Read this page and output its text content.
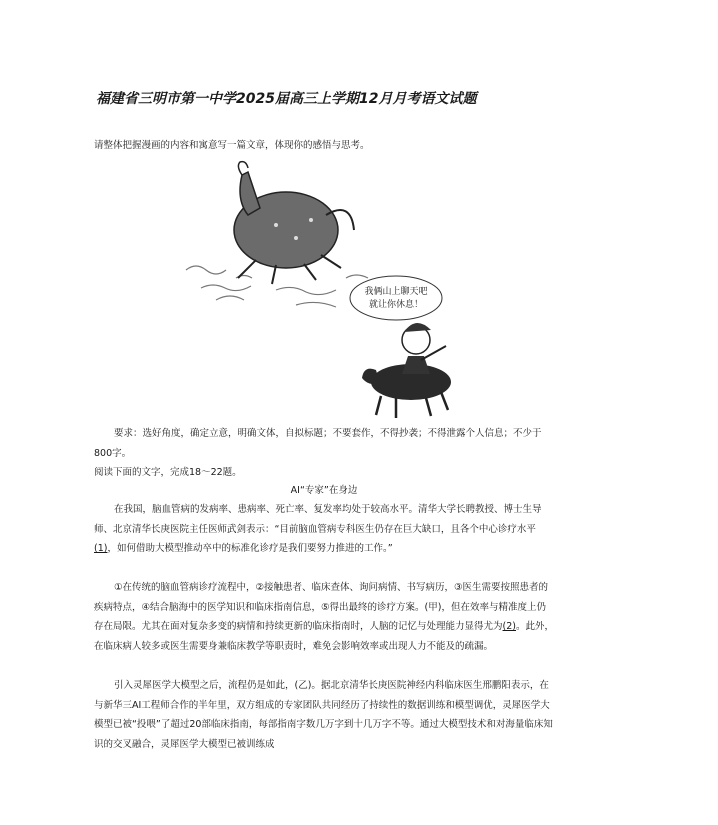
福建省三明市第一中学2025届高三上学期12月月考语文试题
请整体把握漫画的内容和寓意写一篇文章，体现你的感悟与思考。
我俩山上聊天吧
就让你休息！
要求：选好角度，确定立意，明确文体，自拟标题；不要套作，不得抄袭；不得泄露个人信息；不少于800字。
阅读下面的文字，完成18～22题。
AI“专家”在身边
在我国，脑血管病的发病率、患病率、死亡率、复发率均处于较高水平。清华大学长聘教授、博士生导师、北京清华长庚医院主任医师武剑表示：“目前脑血管病专科医生仍存在巨大缺口，且各个中心诊疗水平(1)，如何借助大模型推动卒中的标准化诊疗是我们要努力推进的工作。”
①在传统的脑血管病诊疗流程中，②接触患者、临床查体、询问病情、书写病历，③医生需要按照患者的疾病特点，④结合脑海中的医学知识和临床指南信息，⑤得出最终的诊疗方案。(甲)，但在效率与精准度上仍存在局限。尤其在面对复杂多变的病情和持续更新的临床指南时，人脑的记忆与处理能力显得尤为(2)。此外，在临床病人较多或医生需要身兼临床教学等职责时，难免会影响效率或出现人力不能及的疏漏。
引入灵犀医学大模型之后，流程仍是如此，(乙)。据北京清华长庚医院神经内科临床医生邢鹏阳表示，在与新华三AI工程师合作的半年里，双方组成的专家团队共同经历了持续性的数据训练和模型调优，灵犀医学大模型已被“投喂”了超过20部临床指南，每部指南字数几万字到十几万字不等。通过大模型技术和对海量临床知识的交叉融合，灵犀医学大模型已被训练成
